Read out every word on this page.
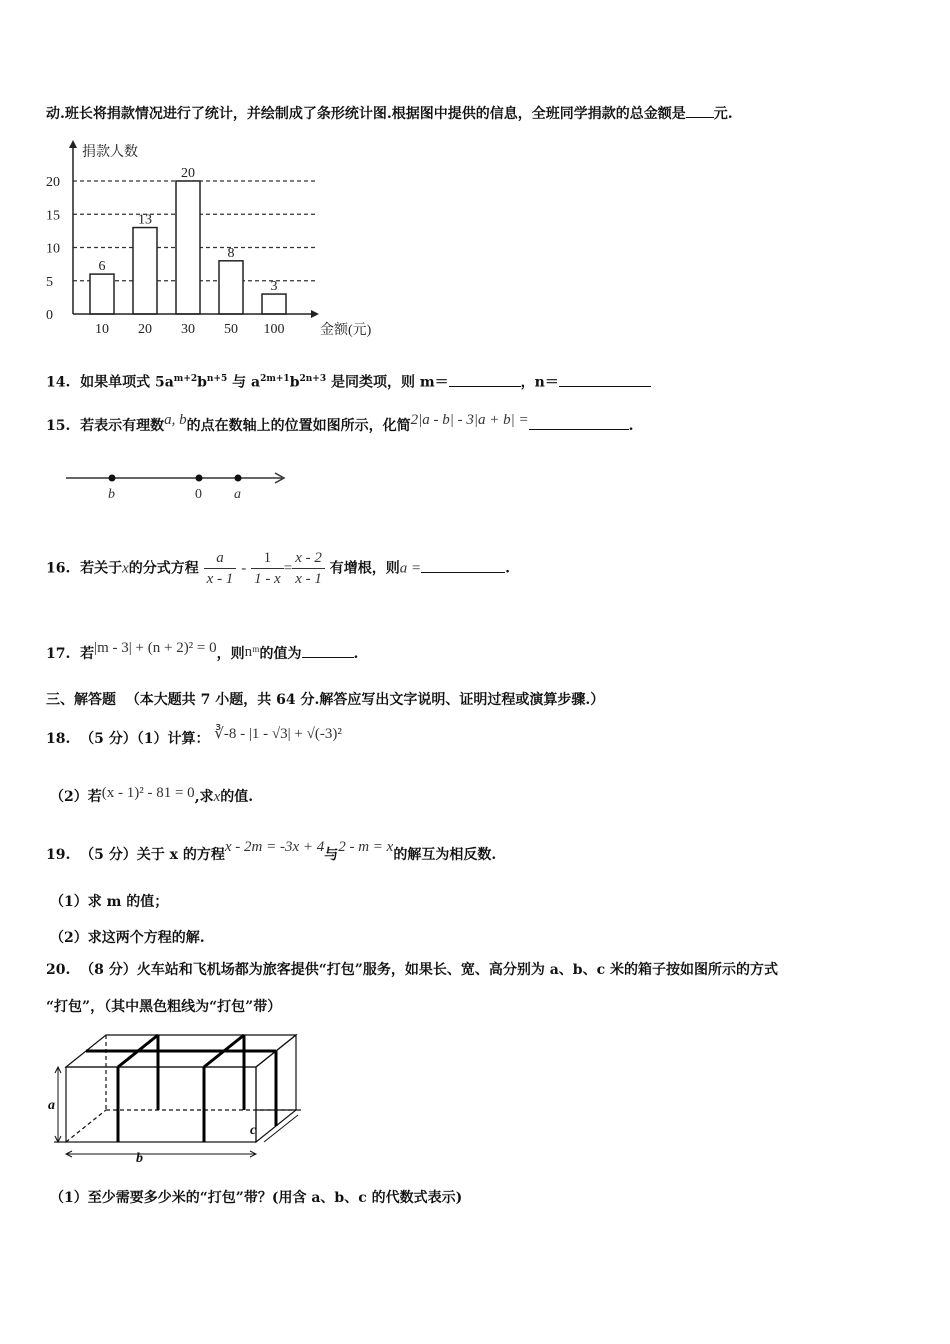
动.班长将捐款情况进行了统计，并绘制成了条形统计图.根据图中提供的信息，全班同学捐款的总金额是 元.
捐款人数
金额(元)
6
13
20
8
3
0
5
10
15
20
10 20 30 50 100
14. 如果单项式 $5a^{m+2}b^{n+5}$ 与 $a^{2m+1}b^{2n+3}$ 是同类项，则 m＝	，n＝
15. 若表示有理数a, b的点在数轴上的位置如图所示，化简2|a - b| - 3|a + b| =	.
b	0 a
16. 若关于x的分式方程 $\frac{a}{x - 1} - \frac{1}{1 - x} = \frac{x - 2}{x - 1}$ 有增根，则a =	.
17. 若|m - 3| + (n + 2)² = 0，则nᵐ的值为	.
三、解答题 （本大题共 7 小题，共 64 分.解答应写出文字说明、证明过程或演算步骤.）
18. （5 分）（1）计算： ∛-8 - |1 - √3| + √(-3)²
（2）若(x - 1)² - 81 = 0,求x的值.
19. （5 分）关于 x 的方程x - 2m = -3x + 4与2 - m = x的解互为相反数.
（1）求 m 的值；
（2）求这两个方程的解.
20. （8 分）火车站和飞机场都为旅客提供“打包”服务，如果长、宽、高分别为 a、b、c 米的箱子按如图所示的方式
“打包”，（其中黑色粗线为“打包”带）
a
b
c
（1）至少需要多少米的“打包”带？(用含 a、b、c 的代数式表示)
